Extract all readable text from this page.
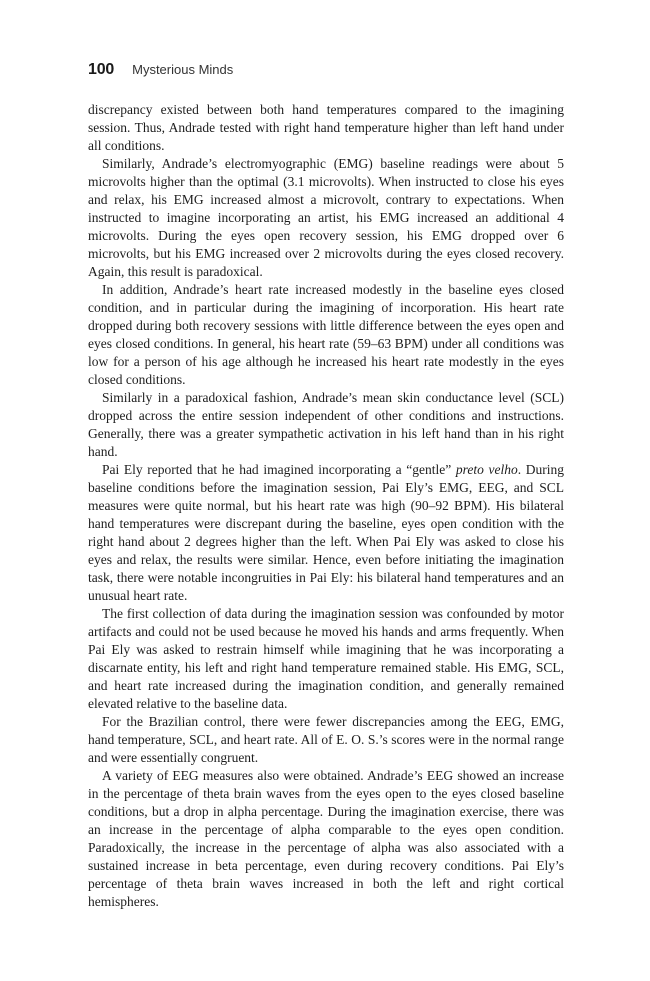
100 Mysterious Minds

discrepancy existed between both hand temperatures compared to the imagining session. Thus, Andrade tested with right hand temperature higher than left hand under all conditions.

Similarly, Andrade’s electromyographic (EMG) baseline readings were about 5 microvolts higher than the optimal (3.1 microvolts). When instructed to close his eyes and relax, his EMG increased almost a microvolt, contrary to expectations. When instructed to imagine incorporating an artist, his EMG increased an additional 4 microvolts. During the eyes open recovery session, his EMG dropped over 6 microvolts, but his EMG increased over 2 microvolts during the eyes closed recovery. Again, this result is paradoxical.

In addition, Andrade’s heart rate increased modestly in the baseline eyes closed condition, and in particular during the imagining of incorporation. His heart rate dropped during both recovery sessions with little difference between the eyes open and eyes closed conditions. In general, his heart rate (59–63 BPM) under all conditions was low for a person of his age although he increased his heart rate modestly in the eyes closed conditions.

Similarly in a paradoxical fashion, Andrade’s mean skin conductance level (SCL) dropped across the entire session independent of other conditions and instructions. Generally, there was a greater sympathetic activation in his left hand than in his right hand.

Pai Ely reported that he had imagined incorporating a “gentle” preto velho. During baseline conditions before the imagination session, Pai Ely’s EMG, EEG, and SCL measures were quite normal, but his heart rate was high (90–92 BPM). His bilateral hand temperatures were discrepant during the baseline, eyes open condition with the right hand about 2 degrees higher than the left. When Pai Ely was asked to close his eyes and relax, the results were similar. Hence, even before initiating the imagination task, there were notable incongruities in Pai Ely: his bilateral hand temperatures and an unusual heart rate.

The first collection of data during the imagination session was confounded by motor artifacts and could not be used because he moved his hands and arms frequently. When Pai Ely was asked to restrain himself while imagining that he was incorporating a discarnate entity, his left and right hand temperature remained stable. His EMG, SCL, and heart rate increased during the imagination condition, and generally remained elevated relative to the baseline data.

For the Brazilian control, there were fewer discrepancies among the EEG, EMG, hand temperature, SCL, and heart rate. All of E. O. S.’s scores were in the normal range and were essentially congruent.

A variety of EEG measures also were obtained. Andrade’s EEG showed an increase in the percentage of theta brain waves from the eyes open to the eyes closed baseline conditions, but a drop in alpha percentage. During the imagination exercise, there was an increase in the percentage of alpha comparable to the eyes open condition. Paradoxically, the increase in the percentage of alpha was also associated with a sustained increase in beta percentage, even during recovery conditions. Pai Ely’s percentage of theta brain waves increased in both the left and right cortical hemispheres.
